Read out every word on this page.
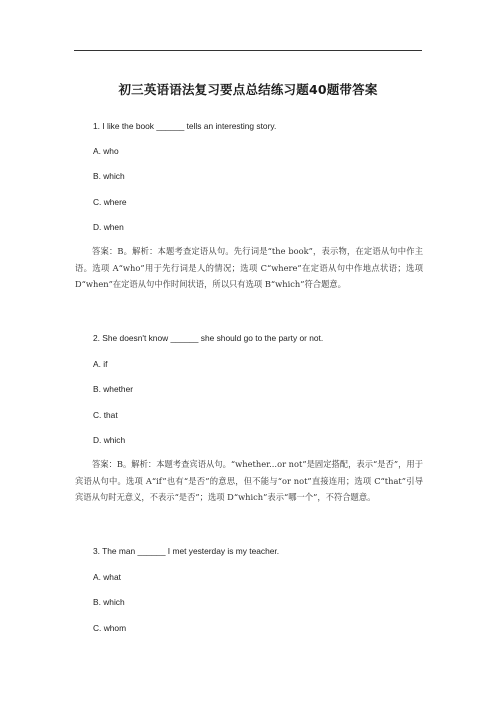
初三英语语法复习要点总结练习题40题带答案
1. I like the book ______ tells an interesting story.
A. who
B. which
C. where
D. when
答案：B。解析：本题考查定语从句。先行词是“the book”，表示物，在定语从句中作主语。选项 A“who”用于先行词是人的情况；选项 C“where”在定语从句中作地点状语；选项 D“when”在定语从句中作时间状语，所以只有选项 B“which”符合题意。
2. She doesn't know ______ she should go to the party or not.
A. if
B. whether
C. that
D. which
答案：B。解析：本题考查宾语从句。“whether...or not”是固定搭配，表示“是否”，用于宾语从句中。选项 A“if”也有“是否”的意思，但不能与“or not”直接连用；选项 C“that”引导宾语从句时无意义，不表示“是否”；选项 D“which”表示“哪一个”，不符合题意。
3. The man ______ I met yesterday is my teacher.
A. what
B. which
C. whom
